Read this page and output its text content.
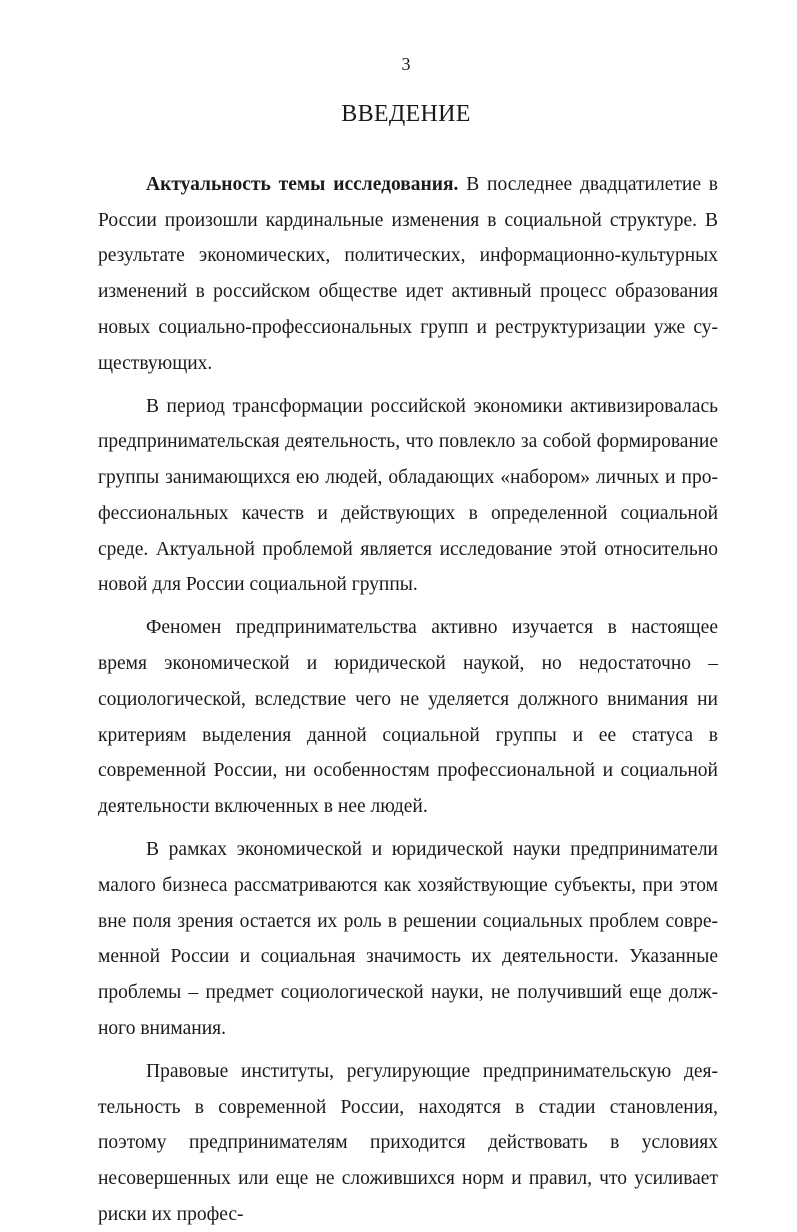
3
ВВЕДЕНИЕ

Актуальность темы исследования. В последнее двадцатилетие в России произошли кардинальные изменения в социальной структуре. В результате экономических, политических, информационно-культурных изменений в российском обществе идет активный процесс образования новых социально-профессиональных групп и реструктуризации уже существующих.

В период трансформации российской экономики активизировалась предпринимательская деятельность, что повлекло за собой формирование группы занимающихся ею людей, обладающих «набором» личных и профессиональных качеств и действующих в определенной социальной среде. Актуальной проблемой является исследование этой относительно новой для России социальной группы.

Феномен предпринимательства активно изучается в настоящее время экономической и юридической наукой, но недостаточно – социологической, вследствие чего не уделяется должного внимания ни критериям выделения данной социальной группы и ее статуса в современной России, ни особенностям профессиональной и социальной деятельности включенных в нее людей.

В рамках экономической и юридической науки предприниматели малого бизнеса рассматриваются как хозяйствующие субъекты, при этом вне поля зрения остается их роль в решении социальных проблем современной России и социальная значимость их деятельности. Указанные проблемы – предмет социологической науки, не получивший еще должного внимания.

Правовые институты, регулирующие предпринимательскую деятельность в современной России, находятся в стадии становления, поэтому предпринимателям приходится действовать в условиях несовершенных или еще не сложившихся норм и правил, что усиливает риски их профес-
